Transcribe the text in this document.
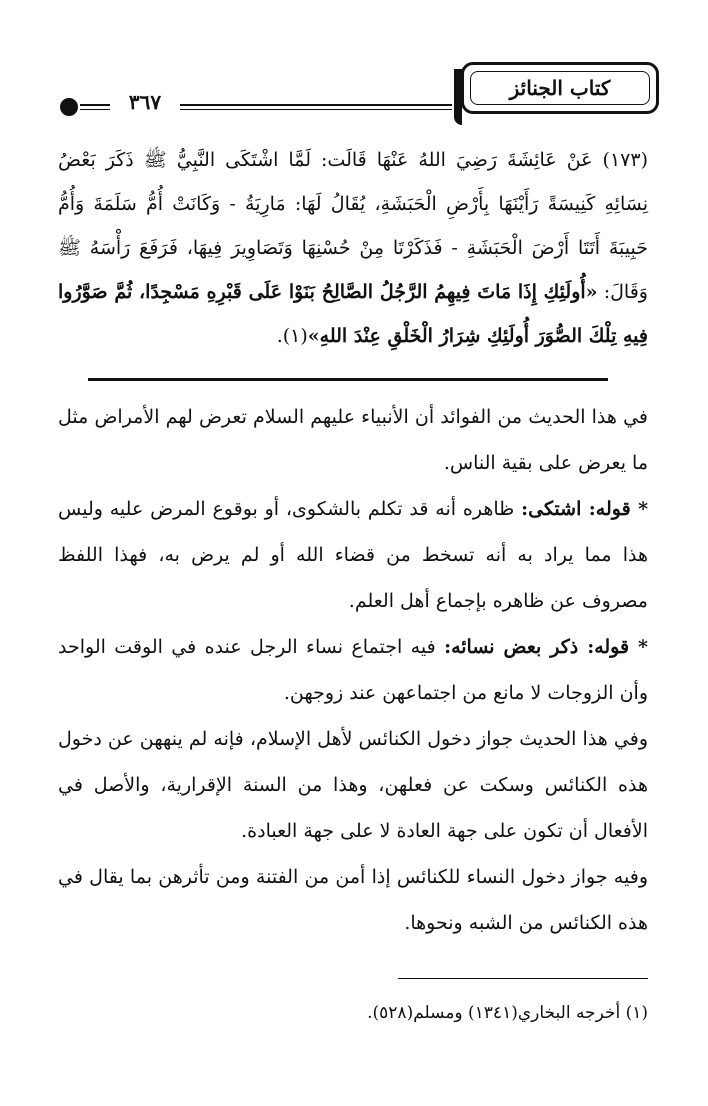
كتاب الجنائز
٣٦٧

(١٧٣) عَنْ عَائِشَةَ رَضِيَ اللهُ عَنْهَا قَالَت: لَمَّا اشْتَكَى النَّبِيُّ ﷺ ذَكَرَ بَعْضُ نِسَائِهِ كَنِيسَةً رَأَيْنَهَا بِأَرْضِ الْحَبَشَةِ، يُقَالُ لَهَا: مَارِيَةُ - وَكَانَتْ أُمُّ سَلَمَةَ وَأُمُّ حَبِيبَةَ أَتَتَا أَرْضَ الْحَبَشَةِ - فَذَكَرْتَا مِنْ حُسْنِهَا وَتَصَاوِيرَ فِيهَا، فَرَفَعَ رَأْسَهُ ﷺ وَقَالَ: «أُولَئِكِ إِذَا مَاتَ فِيهِمُ الرَّجُلُ الصَّالِحُ بَنَوْا عَلَى قَبْرِهِ مَسْجِدًا، ثُمَّ صَوَّرُوا فِيهِ تِلْكَ الصُّوَرَ أُولَئِكِ شِرَارُ الْخَلْقِ عِنْدَ اللهِ»(١).

في هذا الحديث من الفوائد أن الأنبياء عليهم السلام تعرض لهم الأمراض مثل ما يعرض على بقية الناس.

* قوله: اشتكى: ظاهره أنه قد تكلم بالشكوى، أو بوقوع المرض عليه وليس هذا مما يراد به أنه تسخط من قضاء الله أو لم يرض به، فهذا اللفظ مصروف عن ظاهره بإجماع أهل العلم.

* قوله: ذكر بعض نسائه: فيه اجتماع نساء الرجل عنده في الوقت الواحد وأن الزوجات لا مانع من اجتماعهن عند زوجهن.

وفي هذا الحديث جواز دخول الكنائس لأهل الإسلام، فإنه لم ينههن عن دخول هذه الكنائس وسكت عن فعلهن، وهذا من السنة الإقرارية، والأصل في الأفعال أن تكون على جهة العادة لا على جهة العبادة.

وفيه جواز دخول النساء للكنائس إذا أمن من الفتنة ومن تأثرهن بما يقال في هذه الكنائس من الشبه ونحوها.

(١) أخرجه البخاري(١٣٤١) ومسلم(٥٢٨).
